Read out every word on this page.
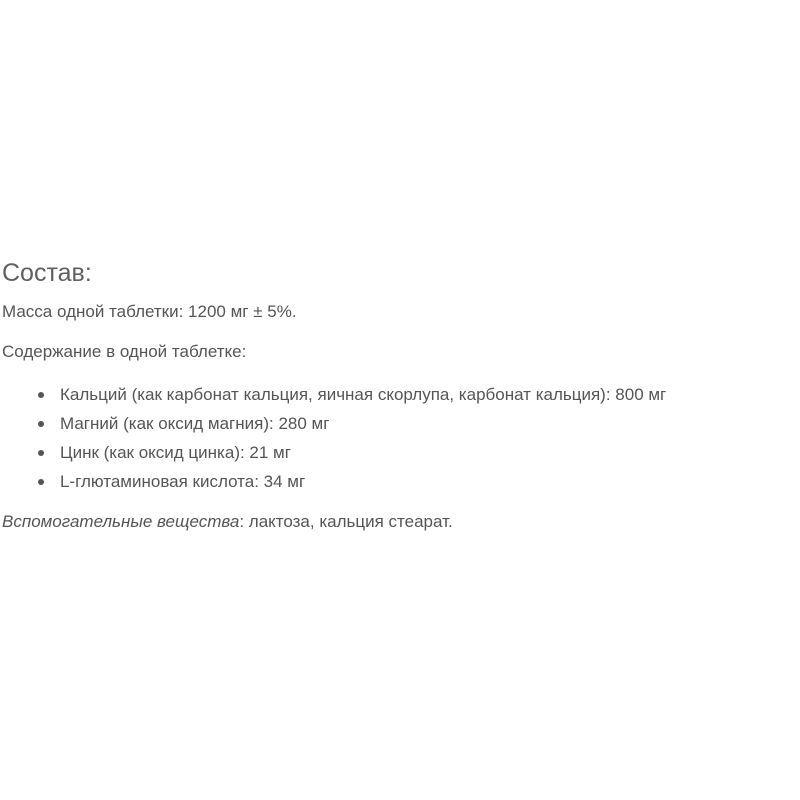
Состав:
Масса одной таблетки: 1200 мг ± 5%.
Содержание в одной таблетке:
Кальций (как карбонат кальция, яичная скорлупа, карбонат кальция): 800 мг
Магний (как оксид магния): 280 мг
Цинк (как оксид цинка): 21 мг
L-глютаминовая кислота: 34 мг
Вспомогательные вещества: лактоза, кальция стеарат.
